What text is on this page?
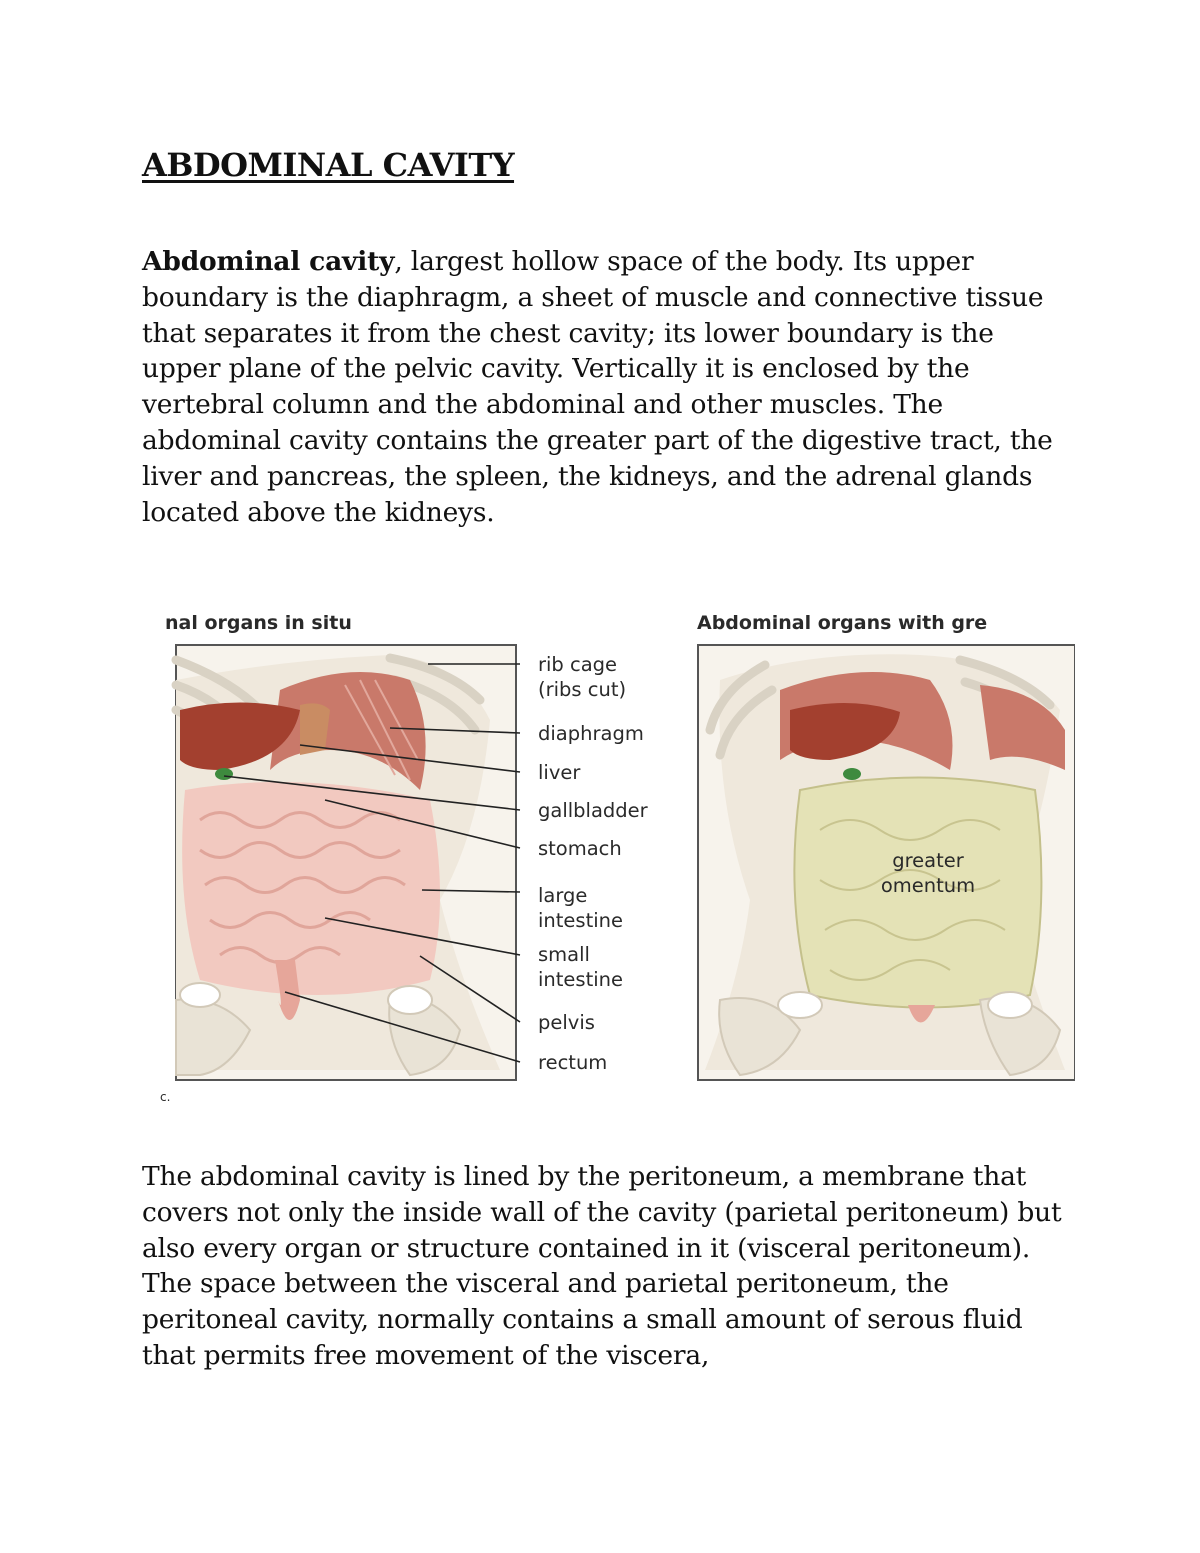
ABDOMINAL CAVITY

Abdominal cavity, largest hollow space of the body. Its upper boundary is the diaphragm, a sheet of muscle and connective tissue that separates it from the chest cavity; its lower boundary is the upper plane of the pelvic cavity. Vertically it is enclosed by the vertebral column and the abdominal and other muscles. The abdominal cavity contains the greater part of the digestive tract, the liver and pancreas, the spleen, the kidneys, and the adrenal glands located above the kidneys.

nal organs in situ	Abdominal organs with gre
rib cage
(ribs cut)
diaphragm
liver
gallbladder
stomach
large
intestine
small
intestine
pelvis
rectum
greater
omentum
c.

The abdominal cavity is lined by the peritoneum, a membrane that covers not only the inside wall of the cavity (parietal peritoneum) but also every organ or structure contained in it (visceral peritoneum). The space between the visceral and parietal peritoneum, the peritoneal cavity, normally contains a small amount of serous fluid that permits free movement of the viscera,
